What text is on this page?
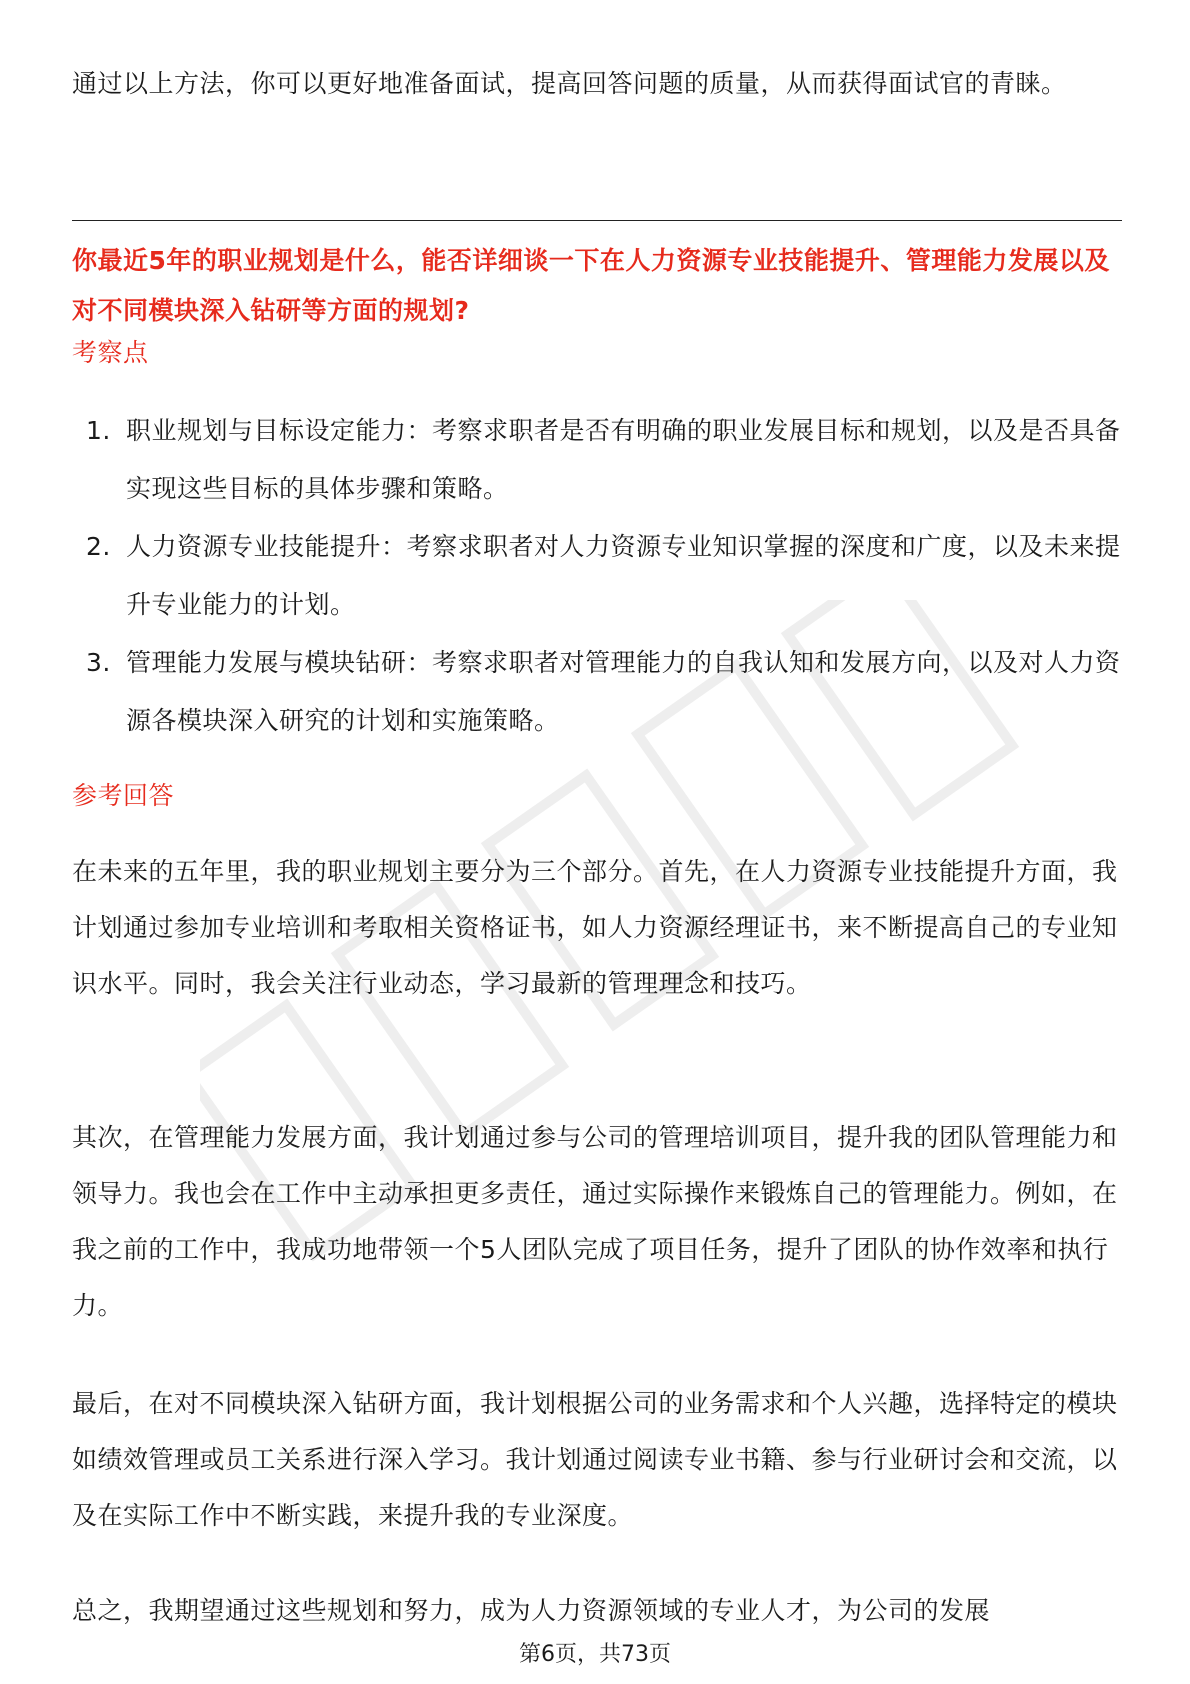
通过以上方法，你可以更好地准备面试，提高回答问题的质量，从而获得面试官的青睐。

你最近5年的职业规划是什么，能否详细谈一下在人力资源专业技能提升、管理能力发展以及对不同模块深入钻研等方面的规划?

考察点

1. 职业规划与目标设定能力：考察求职者是否有明确的职业发展目标和规划，以及是否具备实现这些目标的具体步骤和策略。
2. 人力资源专业技能提升：考察求职者对人力资源专业知识掌握的深度和广度，以及未来提升专业能力的计划。
3. 管理能力发展与模块钻研：考察求职者对管理能力的自我认知和发展方向，以及对人力资源各模块深入研究的计划和实施策略。

参考回答

在未来的五年里，我的职业规划主要分为三个部分。首先，在人力资源专业技能提升方面，我计划通过参加专业培训和考取相关资格证书，如人力资源经理证书，来不断提高自己的专业知识水平。同时，我会关注行业动态，学习最新的管理理念和技巧。

其次，在管理能力发展方面，我计划通过参与公司的管理培训项目，提升我的团队管理能力和领导力。我也会在工作中主动承担更多责任，通过实际操作来锻炼自己的管理能力。例如，在我之前的工作中，我成功地带领一个5人团队完成了项目任务，提升了团队的协作效率和执行力。

最后，在对不同模块深入钻研方面，我计划根据公司的业务需求和个人兴趣，选择特定的模块如绩效管理或员工关系进行深入学习。我计划通过阅读专业书籍、参与行业研讨会和交流，以及在实际工作中不断实践，来提升我的专业深度。

总之，我期望通过这些规划和努力，成为人力资源领域的专业人才，为公司的发展

第6页，共73页
